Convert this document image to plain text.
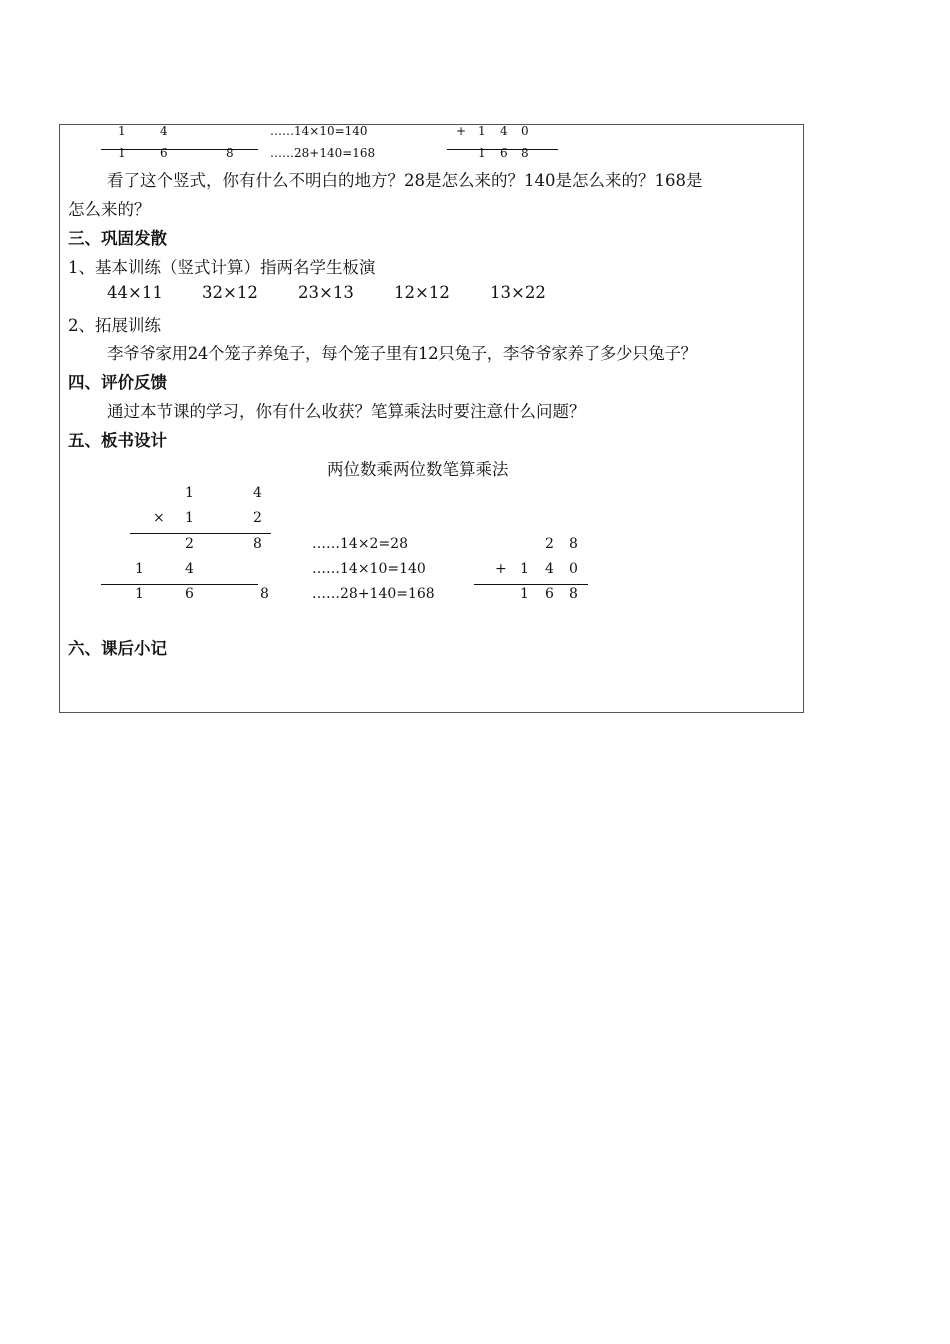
1	4	……14×10=140	+ 1 4 0
1	6	8	……28+140=168	1 6 8
看了这个竖式，你有什么不明白的地方？28是怎么来的？140是怎么来的？168是
怎么来的？
三、巩固发散
1、基本训练（竖式计算）指两名学生板演
44×11 32×12 23×13 12×12 13×22
2、拓展训练
李爷爷家用24个笼子养兔子，每个笼子里有12只兔子，李爷爷家养了多少只兔子？
四、评价反馈
通过本节课的学习，你有什么收获？笔算乘法时要注意什么问题？
五、板书设计
两位数乘两位数笔算乘法
1	4
× 1	2
2	8	……14×2=28	2 8
1	4	……14×10=140	+ 1 4 0
1	6	8	……28+140=168	1 6 8
六、课后小记
